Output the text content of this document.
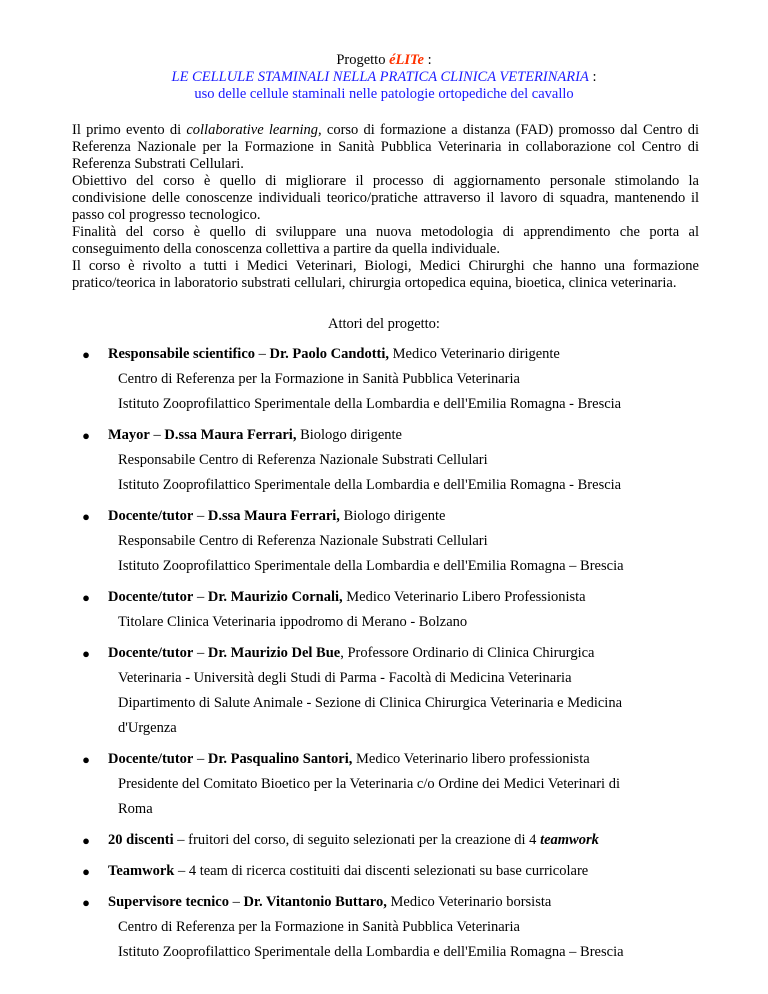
Progetto éLITe :
LE CELLULE STAMINALI NELLA PRATICA CLINICA VETERINARIA :
uso delle cellule staminali nelle patologie ortopediche del cavallo

Il primo evento di collaborative learning, corso di formazione a distanza (FAD) promosso dal Centro di Referenza Nazionale per la Formazione in Sanità Pubblica Veterinaria in collaborazione col Centro di Referenza Substrati Cellulari.

Obiettivo del corso è quello di migliorare il processo di aggiornamento personale stimolando la condivisione delle conoscenze individuali teorico/pratiche attraverso il lavoro di squadra, mantenendo il passo col progresso tecnologico.

Finalità del corso è quello di sviluppare una nuova metodologia di apprendimento che porta al conseguimento della conoscenza collettiva a partire da quella individuale.

Il corso è rivolto a tutti i Medici Veterinari, Biologi, Medici Chirurghi che hanno una formazione pratico/teorica in laboratorio substrati cellulari, chirurgia ortopedica equina, bioetica, clinica veterinaria.

Attori del progetto:
● Responsabile scientifico – Dr. Paolo Candotti, Medico Veterinario dirigente
Centro di Referenza per la Formazione in Sanità Pubblica Veterinaria
Istituto Zooprofilattico Sperimentale della Lombardia e dell'Emilia Romagna - Brescia
● Mayor – D.ssa Maura Ferrari, Biologo dirigente
Responsabile Centro di Referenza Nazionale Substrati Cellulari
Istituto Zooprofilattico Sperimentale della Lombardia e dell'Emilia Romagna - Brescia
● Docente/tutor – D.ssa Maura Ferrari, Biologo dirigente
Responsabile Centro di Referenza Nazionale Substrati Cellulari
Istituto Zooprofilattico Sperimentale della Lombardia e dell'Emilia Romagna – Brescia
● Docente/tutor – Dr. Maurizio Cornali, Medico Veterinario Libero Professionista
Titolare Clinica Veterinaria ippodromo di Merano - Bolzano
● Docente/tutor – Dr. Maurizio Del Bue, Professore Ordinario di Clinica Chirurgica
Veterinaria - Università degli Studi di Parma - Facoltà di Medicina Veterinaria
Dipartimento di Salute Animale - Sezione di Clinica Chirurgica Veterinaria e Medicina
d'Urgenza
● Docente/tutor – Dr. Pasqualino Santori, Medico Veterinario libero professionista
Presidente del Comitato Bioetico per la Veterinaria c/o Ordine dei Medici Veterinari di
Roma
● 20 discenti – fruitori del corso, di seguito selezionati per la creazione di 4 teamwork
● Teamwork – 4 team di ricerca costituiti dai discenti selezionati su base curricolare
● Supervisore tecnico – Dr. Vitantonio Buttaro, Medico Veterinario borsista
Centro di Referenza per la Formazione in Sanità Pubblica Veterinaria
Istituto Zooprofilattico Sperimentale della Lombardia e dell'Emilia Romagna – Brescia
